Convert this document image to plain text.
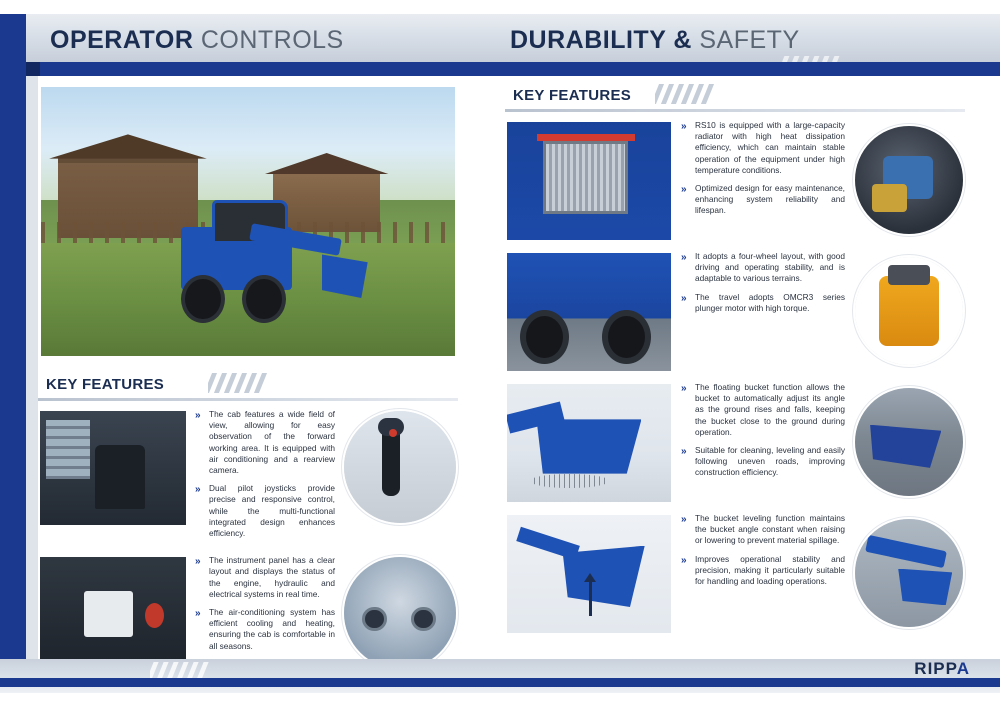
OPERATOR CONTROLS	DURABILITY & SAFETY
KEY FEATURES
»	The cab features a wide field of view, allowing for easy observation of the forward working area. It is equipped with air conditioning and a rearview camera.
»	Dual pilot joysticks provide precise and responsive control, while the multi-functional integrated design enhances efficiency.
»	The instrument panel has a clear layout and displays the status of the engine, hydraulic and electrical systems in real time.
»	The air-conditioning system has efficient cooling and heating, ensuring the cab is comfortable in all seasons.
KEY FEATURES
»	RS10 is equipped with a large-capacity radiator with high heat dissipation efficiency, which can maintain stable operation of the equipment under high temperature conditions.
»	Optimized design for easy maintenance, enhancing system reliability and lifespan.
»	It adopts a four-wheel layout, with good driving and operating stability, and is adaptable to various terrains.
»	The travel adopts OMCR3 series plunger motor with high torque.
»	The floating bucket function allows the bucket to automatically adjust its angle as the ground rises and falls, keeping the bucket close to the ground during operation.
»	Suitable for cleaning, leveling and easily following uneven roads, improving construction efficiency.
»	The bucket leveling function maintains the bucket angle constant when raising or lowering to prevent material spillage.
»	Improves operational stability and precision, making it particularly suitable for handling and loading operations.
RIPPA
